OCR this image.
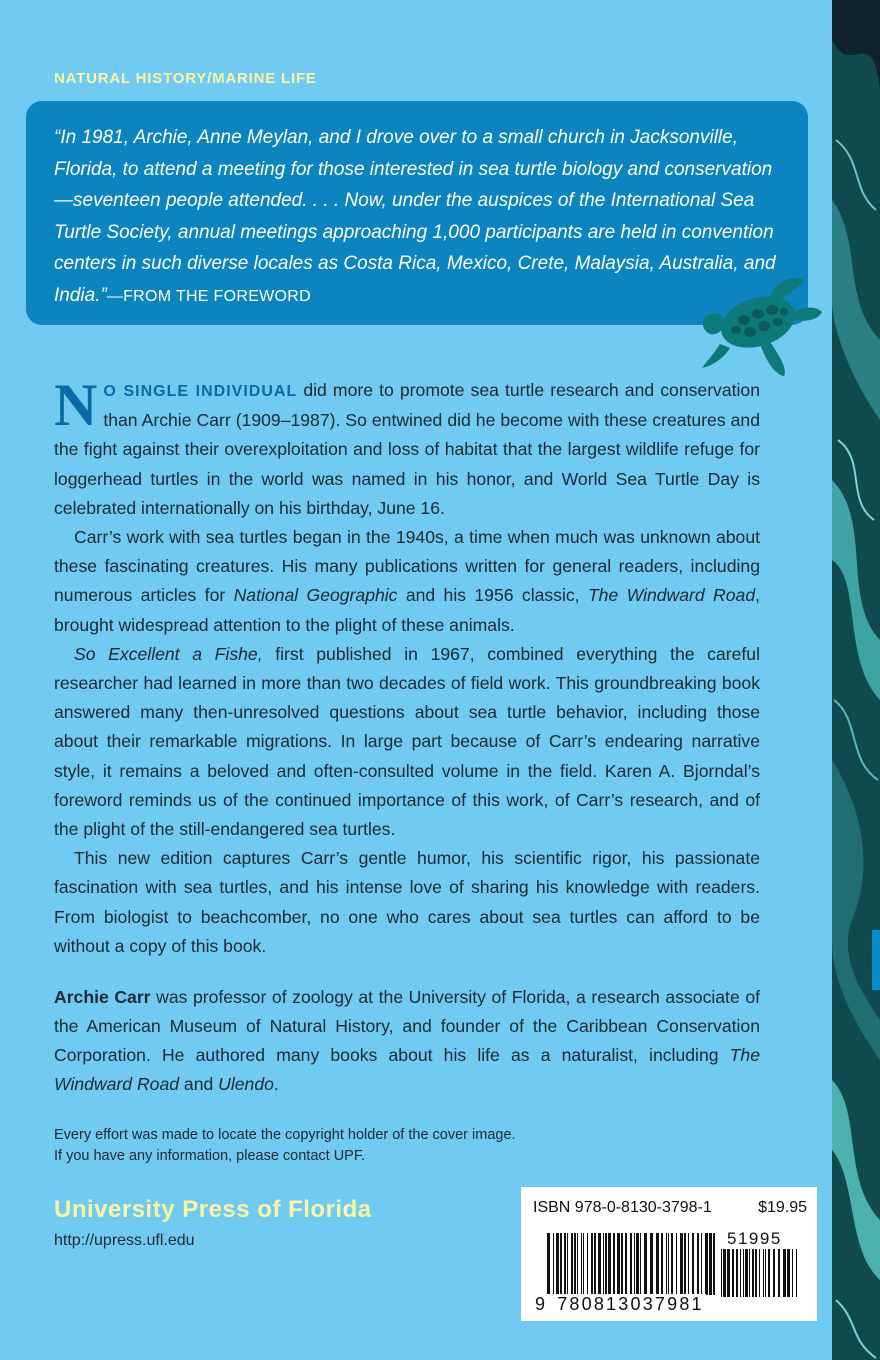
NATURAL HISTORY/MARINE LIFE

“In 1981, Archie, Anne Meylan, and I drove over to a small church in Jacksonville, Florida, to attend a meeting for those interested in sea turtle biology and conservation—seventeen people attended. . . . Now, under the auspices of the International Sea Turtle Society, annual meetings approaching 1,000 participants are held in convention centers in such diverse locales as Costa Rica, Mexico, Crete, Malaysia, Australia, and India.”—FROM THE FOREWORD

N O SINGLE INDIVIDUAL did more to promote sea turtle research and conservation than Archie Carr (1909–1987). So entwined did he become with these creatures and the fight against their overexploitation and loss of habitat that the largest wildlife refuge for loggerhead turtles in the world was named in his honor, and World Sea Turtle Day is celebrated internationally on his birthday, June 16.

Carr’s work with sea turtles began in the 1940s, a time when much was unknown about these fascinating creatures. His many publications written for general readers, including numerous articles for National Geographic and his 1956 classic, The Windward Road, brought widespread attention to the plight of these animals.

So Excellent a Fishe, first published in 1967, combined everything the careful researcher had learned in more than two decades of field work. This groundbreaking book answered many then-unresolved questions about sea turtle behavior, including those about their remarkable migrations. In large part because of Carr’s endearing narrative style, it remains a beloved and often-consulted volume in the field. Karen A. Bjorndal’s foreword reminds us of the continued importance of this work, of Carr’s research, and of the plight of the still-endangered sea turtles.

This new edition captures Carr’s gentle humor, his scientific rigor, his passionate fascination with sea turtles, and his intense love of sharing his knowledge with readers. From biologist to beachcomber, no one who cares about sea turtles can afford to be without a copy of this book.

Archie Carr was professor of zoology at the University of Florida, a research associate of the American Museum of Natural History, and founder of the Caribbean Conservation Corporation. He authored many books about his life as a naturalist, including The Windward Road and Ulendo.

Every effort was made to locate the copyright holder of the cover image.
If you have any information, please contact UPF.

University Press of Florida
http://upress.ufl.edu
ISBN 978-0-8130-3798-1	$19.95
51995
9 780813037981
